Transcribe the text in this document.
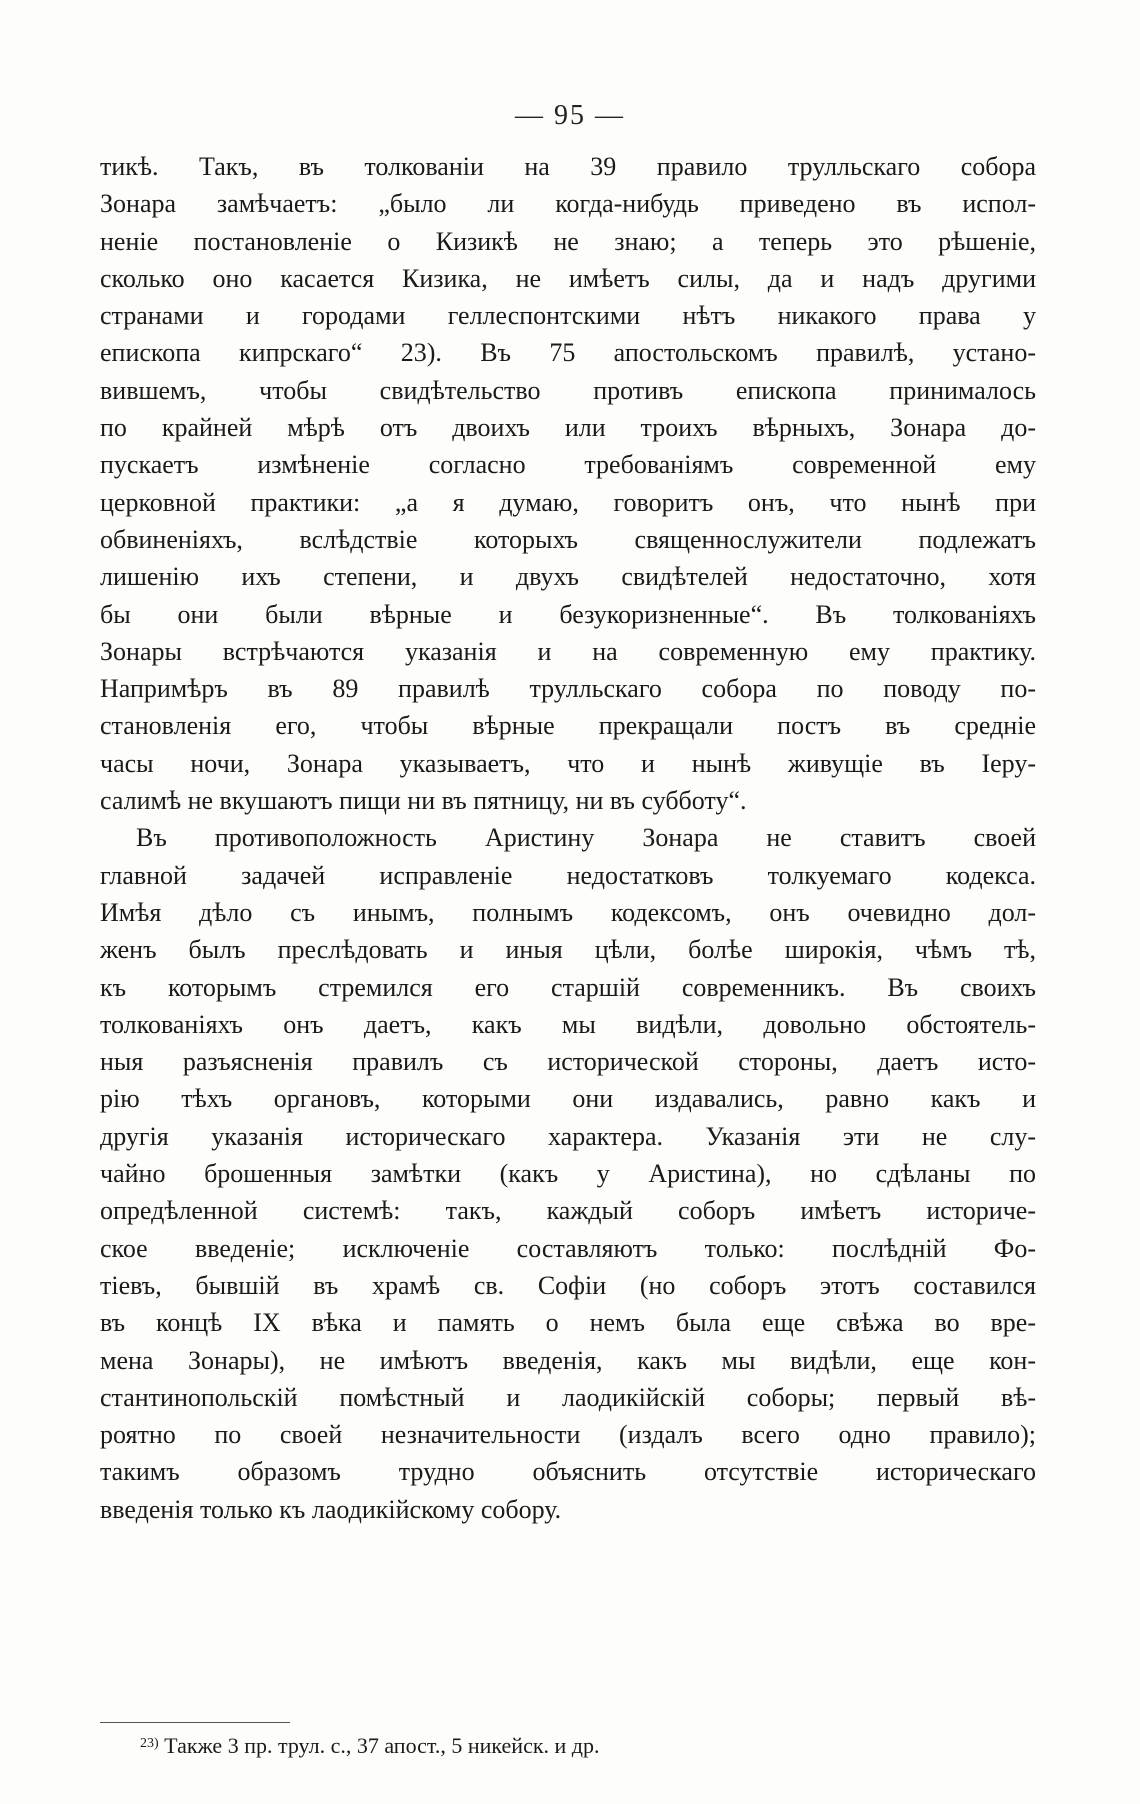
— 95 —
тикѣ. Такъ, въ толкованіи на 39 правило трулльскаго собора
Зонара замѣчаетъ: „было ли когда-нибудь приведено въ испол-
неніе постановленіе о Кизикѣ не знаю; а теперь это рѣшеніе,
сколько оно касается Кизика, не имѣетъ силы, да и надъ другими
странами и городами геллеспонтскими нѣтъ никакого права у
епископа кипрскаго“ 23). Въ 75 апостольскомъ правилѣ, устано-
вившемъ, чтобы свидѣтельство противъ епископа принималось
по крайней мѣрѣ отъ двоихъ или троихъ вѣрныхъ, Зонара до-
пускаетъ измѣненіе согласно требованіямъ современной ему
церковной практики: „а я думаю, говоритъ онъ, что нынѣ при
обвиненіяхъ, вслѣдствіе которыхъ священнослужители подлежатъ
лишенію ихъ степени, и двухъ свидѣтелей недостаточно, хотя
бы они были вѣрные и безукоризненные“. Въ толкованіяхъ
Зонары встрѣчаются указанія и на современную ему практику.
Напримѣръ въ 89 правилѣ трулльскаго собора по поводу по-
становленія его, чтобы вѣрные прекращали постъ въ средніе
часы ночи, Зонара указываетъ, что и нынѣ живущіе въ Іеру-
салимѣ не вкушаютъ пищи ни въ пятницу, ни въ субботу“.
Въ противоположность Аристину Зонара не ставитъ своей
главной задачей исправленіе недостатковъ толкуемаго кодекса.
Имѣя дѣло съ инымъ, полнымъ кодексомъ, онъ очевидно дол-
женъ былъ преслѣдовать и иныя цѣли, болѣе широкія, чѣмъ тѣ,
къ которымъ стремился его старшій современникъ. Въ своихъ
толкованіяхъ онъ даетъ, какъ мы видѣли, довольно обстоятель-
ныя разъясненія правилъ съ исторической стороны, даетъ исто-
рію тѣхъ органовъ, которыми они издавались, равно какъ и
другія указанія историческаго характера. Указанія эти не слу-
чайно брошенныя замѣтки (какъ у Аристина), но сдѣланы по
опредѣленной системѣ: такъ, каждый соборъ имѣетъ историче-
ское введеніе; исключеніе составляютъ только: послѣдній Фо-
тіевъ, бывшій въ храмѣ св. Софіи (но соборъ этотъ составился
въ концѣ IX вѣка и память о немъ была еще свѣжа во вре-
мена Зонары), не имѣютъ введенія, какъ мы видѣли, еще кон-
стантинопольскій помѣстный и лаодикійскій соборы; первый вѣ-
роятно по своей незначительности (издалъ всего одно правило);
такимъ образомъ трудно объяснить отсутствіе историческаго
введенія только къ лаодикійскому собору.
$^{23)}$ Также 3 пр. трул. с., 37 апост., 5 никейск. и др.
